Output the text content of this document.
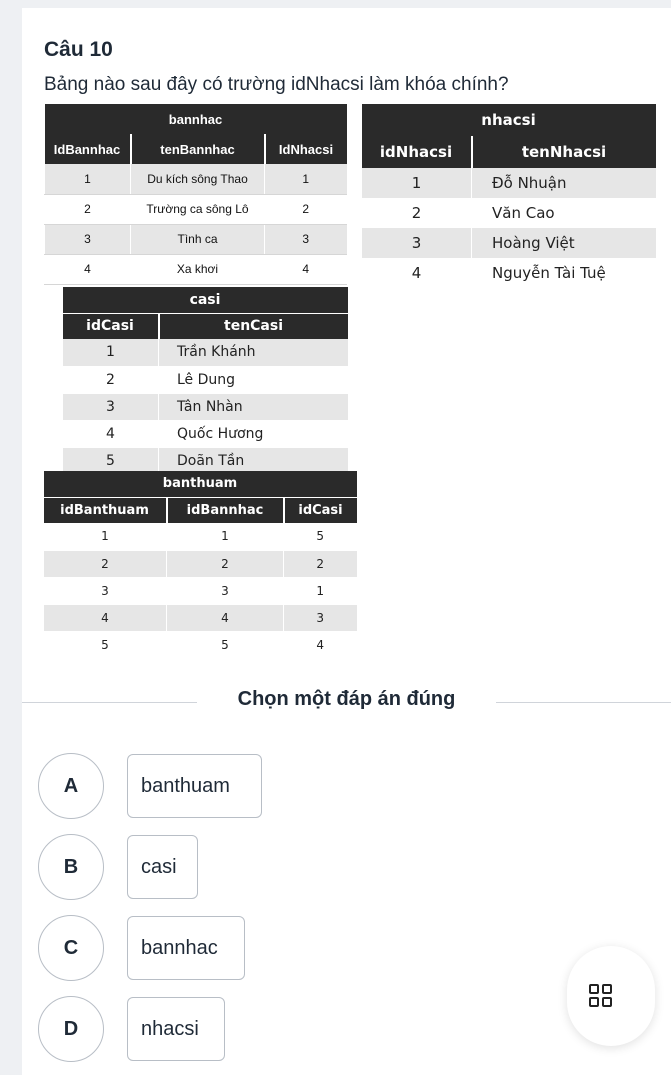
Câu 10
Bảng nào sau đây có trường idNhacsi làm khóa chính?
bannhac		
IdBannhac	tenBannhac	IdNhacsi
1	Du kích sông Thao	1
2	Trường ca sông Lô	2
3	Tình ca	3
4	Xa khơi	4
nhacsi	
idNhacsi	tenNhacsi
1	Đỗ Nhuận
2	Văn Cao
3	Hoàng Việt
4	Nguyễn Tài Tuệ
casi	
idCasi	tenCasi
1	Trần Khánh
2	Lê Dung
3	Tân Nhàn
4	Quốc Hương
5	Doãn Tần
banthuam		
idBanthuam	idBannhac	idCasi
1	1	5
2	2	2
3	3	1
4	4	3
5	5	4
Chọn một đáp án đúng
A	banthuam
B	casi
C	bannhac
D	nhacsi
